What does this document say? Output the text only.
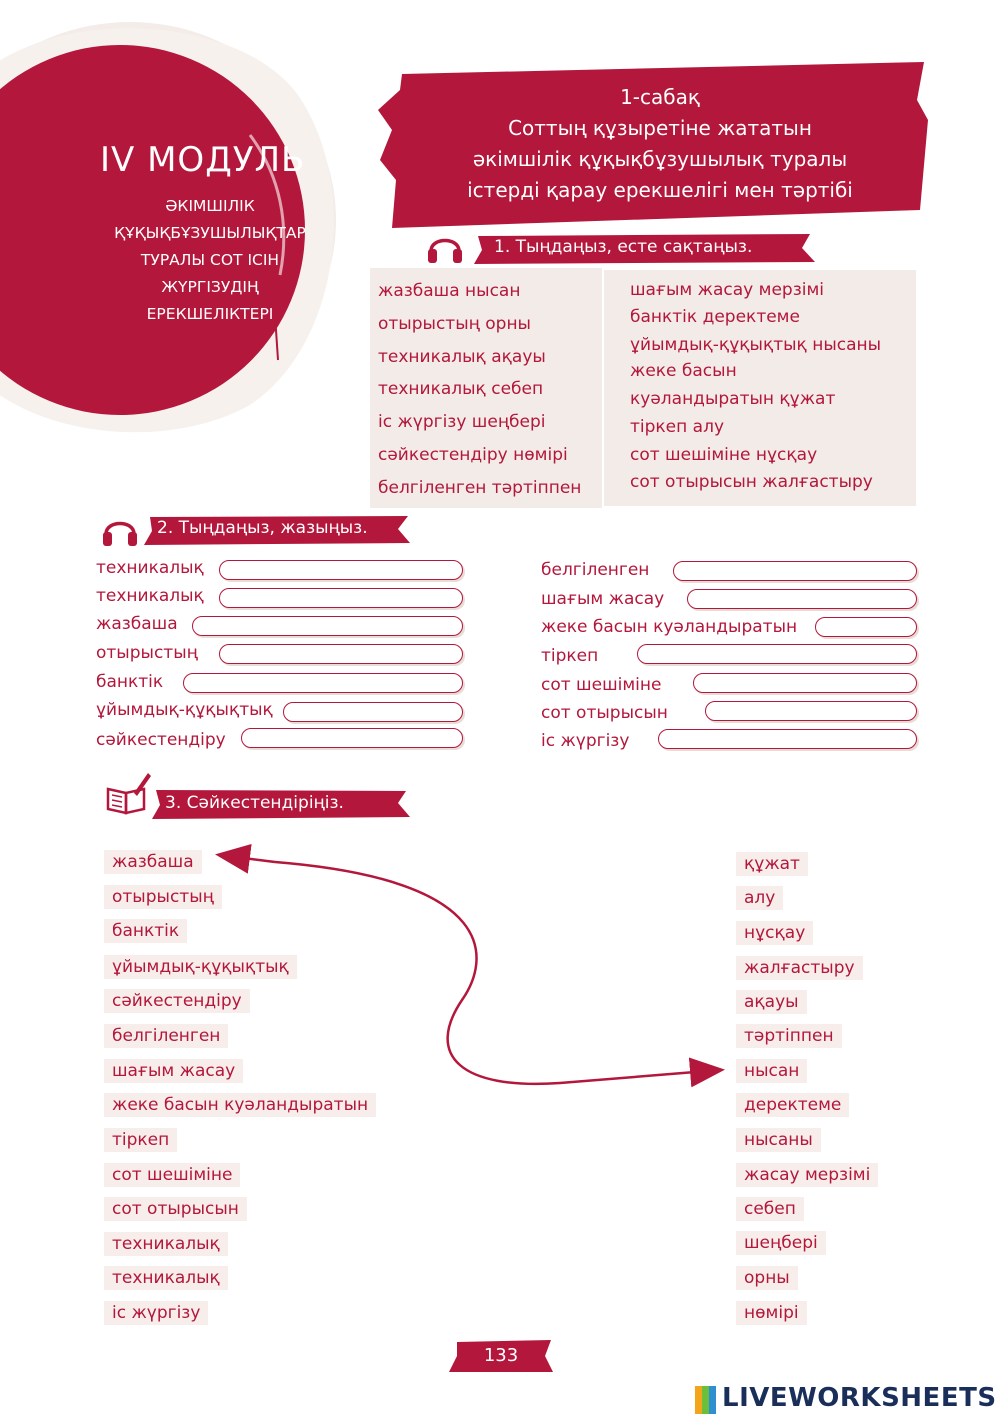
IV МОДУЛЬ
ӘКІМШІЛІК
ҚҰҚЫҚБҰЗУШЫЛЫҚТАР
ТУРАЛЫ СОТ ІСІН
ЖҮРГІЗУДІҢ
ЕРЕКШЕЛІКТЕРІ
1-сабақ
Соттың құзыретіне жататын
әкімшілік құқықбұзушылық туралы
істерді қарау ерекшелігі мен тәртібі
1. Тыңдаңыз, есте сақтаңыз.
жазбаша нысан
отырыстың орны
техникалық ақауы
техникалық себеп
іс жүргізу шеңбері
сәйкестендіру нөмірі
белгіленген тәртіппен
шағым жасау мерзімі
банктік деректеме
ұйымдық-құқықтық нысаны
жеке басын
куәландыратын құжат
тіркеп алу
сот шешіміне нұсқау
сот отырысын жалғастыру
2. Тыңдаңыз, жазыңыз.
техникалық
техникалық
жазбаша
отырыстың
банктік
ұйымдық-құқықтық
сәйкестендіру
белгіленген
шағым жасау
жеке басын куәландыратын
тіркеп
сот шешіміне
сот отырысын
іс жүргізу
3. Сәйкестендіріңіз.
жазбаша
отырыстың
банктік
ұйымдық-құқықтық
сәйкестендіру
белгіленген
шағым жасау
жеке басын куәландыратын
тіркеп
сот шешіміне
сот отырысын
техникалық
техникалық
іс жүргізу
құжат
алу
нұсқау
жалғастыру
ақауы
тәртіппен
нысан
деректеме
нысаны
жасау мерзімі
себеп
шеңбері
орны
нөмірі
133
LIVEWORKSHEETS
